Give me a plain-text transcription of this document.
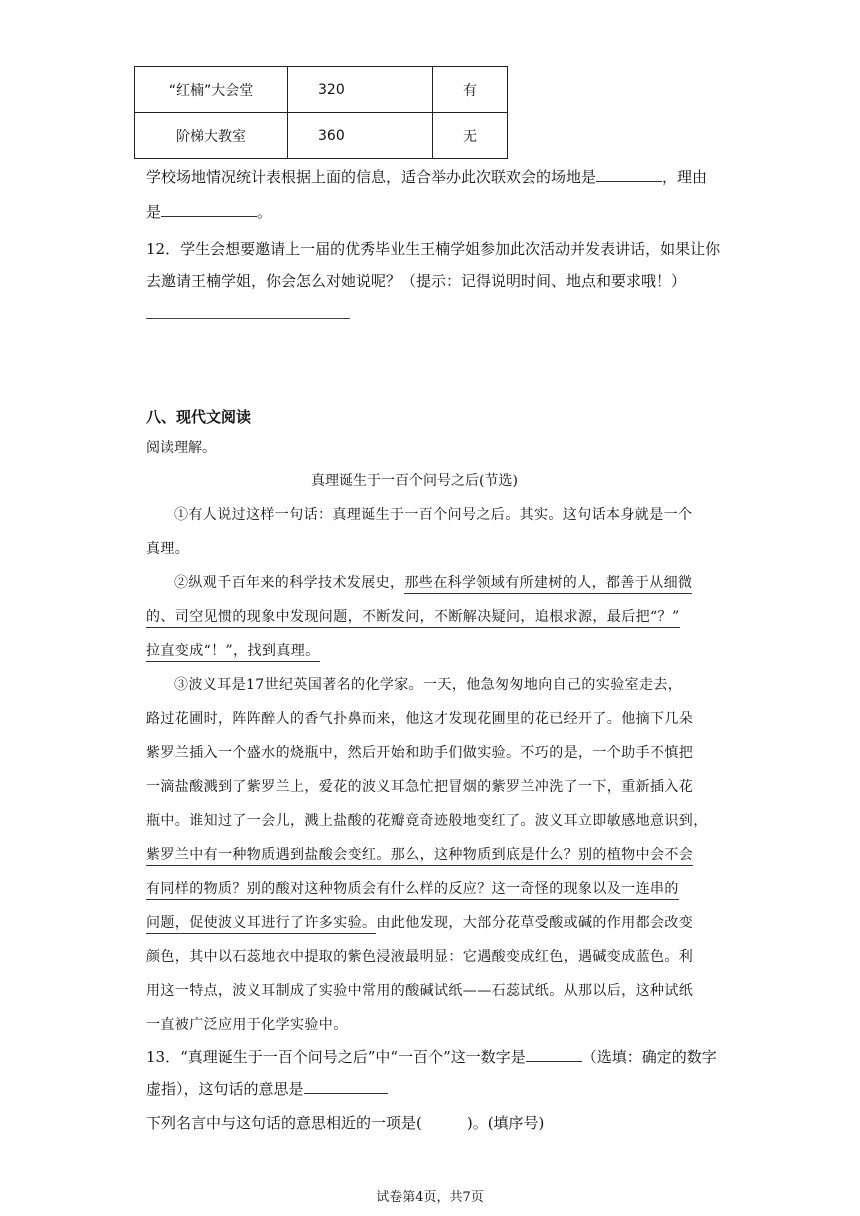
“红楠”大会堂	320	有
阶梯大教室	360	无
学校场地情况统计表根据上面的信息，适合举办此次联欢会的场地是	，理由
是	。
12．学生会想要邀请上一届的优秀毕业生王楠学姐参加此次活动并发表讲话，如果让你
去邀请王楠学姐，你会怎么对她说呢？（提示：记得说明时间、地点和要求哦！）
八、现代文阅读
阅读理解。
真理诞生于一百个问号之后(节选)
①有人说过这样一句话：真理诞生于一百个问号之后。其实。这句话本身就是一个
真理。
②纵观千百年来的科学技术发展史，那些在科学领域有所建树的人，都善于从细微
的、司空见惯的现象中发现问题，不断发问，不断解决疑问，追根求源，最后把“？”
拉直变成“！”，找到真理。
③波义耳是17世纪英国著名的化学家。一天，他急匆匆地向自己的实验室走去，
路过花圃时，阵阵醉人的香气扑鼻而来，他这才发现花圃里的花已经开了。他摘下几朵
紫罗兰插入一个盛水的烧瓶中，然后开始和助手们做实验。不巧的是，一个助手不慎把
一滴盐酸溅到了紫罗兰上，爱花的波义耳急忙把冒烟的紫罗兰冲洗了一下，重新插入花
瓶中。谁知过了一会儿，溅上盐酸的花瓣竟奇迹般地变红了。波义耳立即敏感地意识到，
紫罗兰中有一种物质遇到盐酸会变红。那么，这种物质到底是什么？别的植物中会不会
有同样的物质？别的酸对这种物质会有什么样的反应？这一奇怪的现象以及一连串的
问题，促使波义耳进行了许多实验。由此他发现，大部分花草受酸或碱的作用都会改变
颜色，其中以石蕊地衣中提取的紫色浸液最明显：它遇酸变成红色，遇碱变成蓝色。利
用这一特点，波义耳制成了实验中常用的酸碱试纸——石蕊试纸。从那以后，这种试纸
一直被广泛应用于化学实验中。
13．“真理诞生于一百个问号之后”中“一百个”这一数字是	（选填：确定的数字
虚指），这句话的意思是
下列名言中与这句话的意思相近的一项是(　　　)。(填序号)
试卷第4页，共7页
